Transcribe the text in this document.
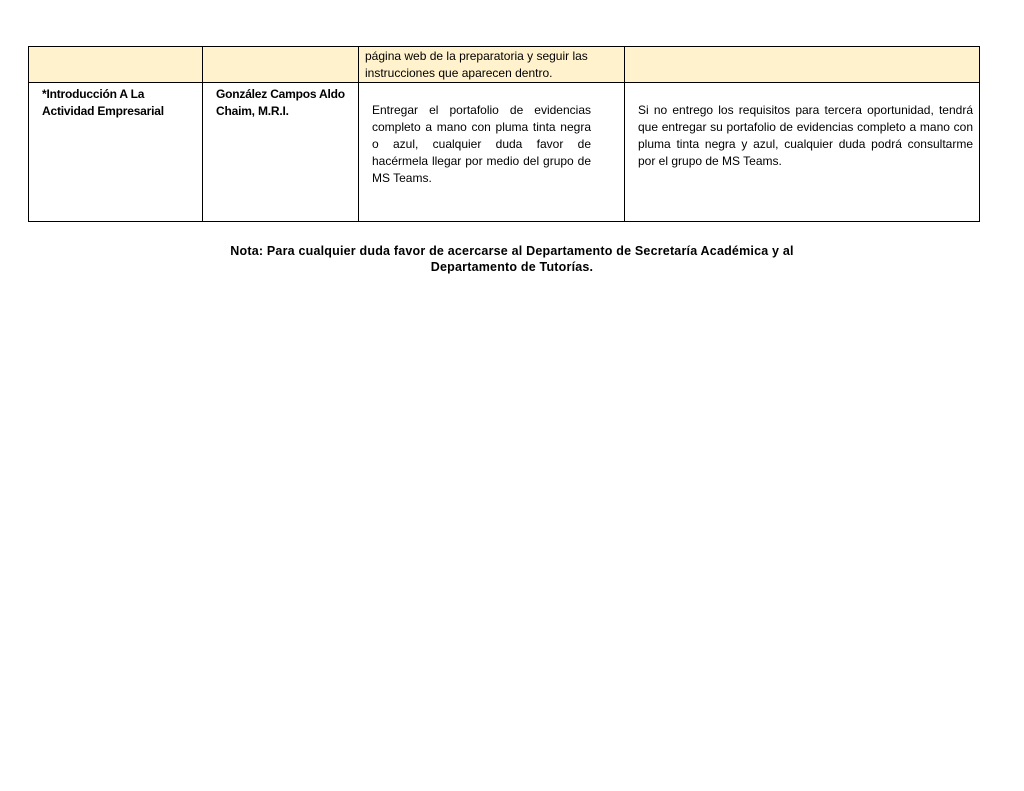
		página web de la preparatoria y seguir las instrucciones que aparecen dentro.	

*Introducción A La Actividad Empresarial	González Campos Aldo Chaim, M.R.I.	Entregar el portafolio de evidencias completo a mano con pluma tinta negra o azul, cualquier duda favor de hacérmela llegar por medio del grupo de MS Teams.	Si no entrego los requisitos para tercera oportunidad, tendrá que entregar su portafolio de evidencias completo a mano con pluma tinta negra y azul, cualquier duda podrá consultarme por el grupo de MS Teams.
Nota: Para cualquier duda favor de acercarse al Departamento de Secretaría Académica y al
Departamento de Tutorías.
